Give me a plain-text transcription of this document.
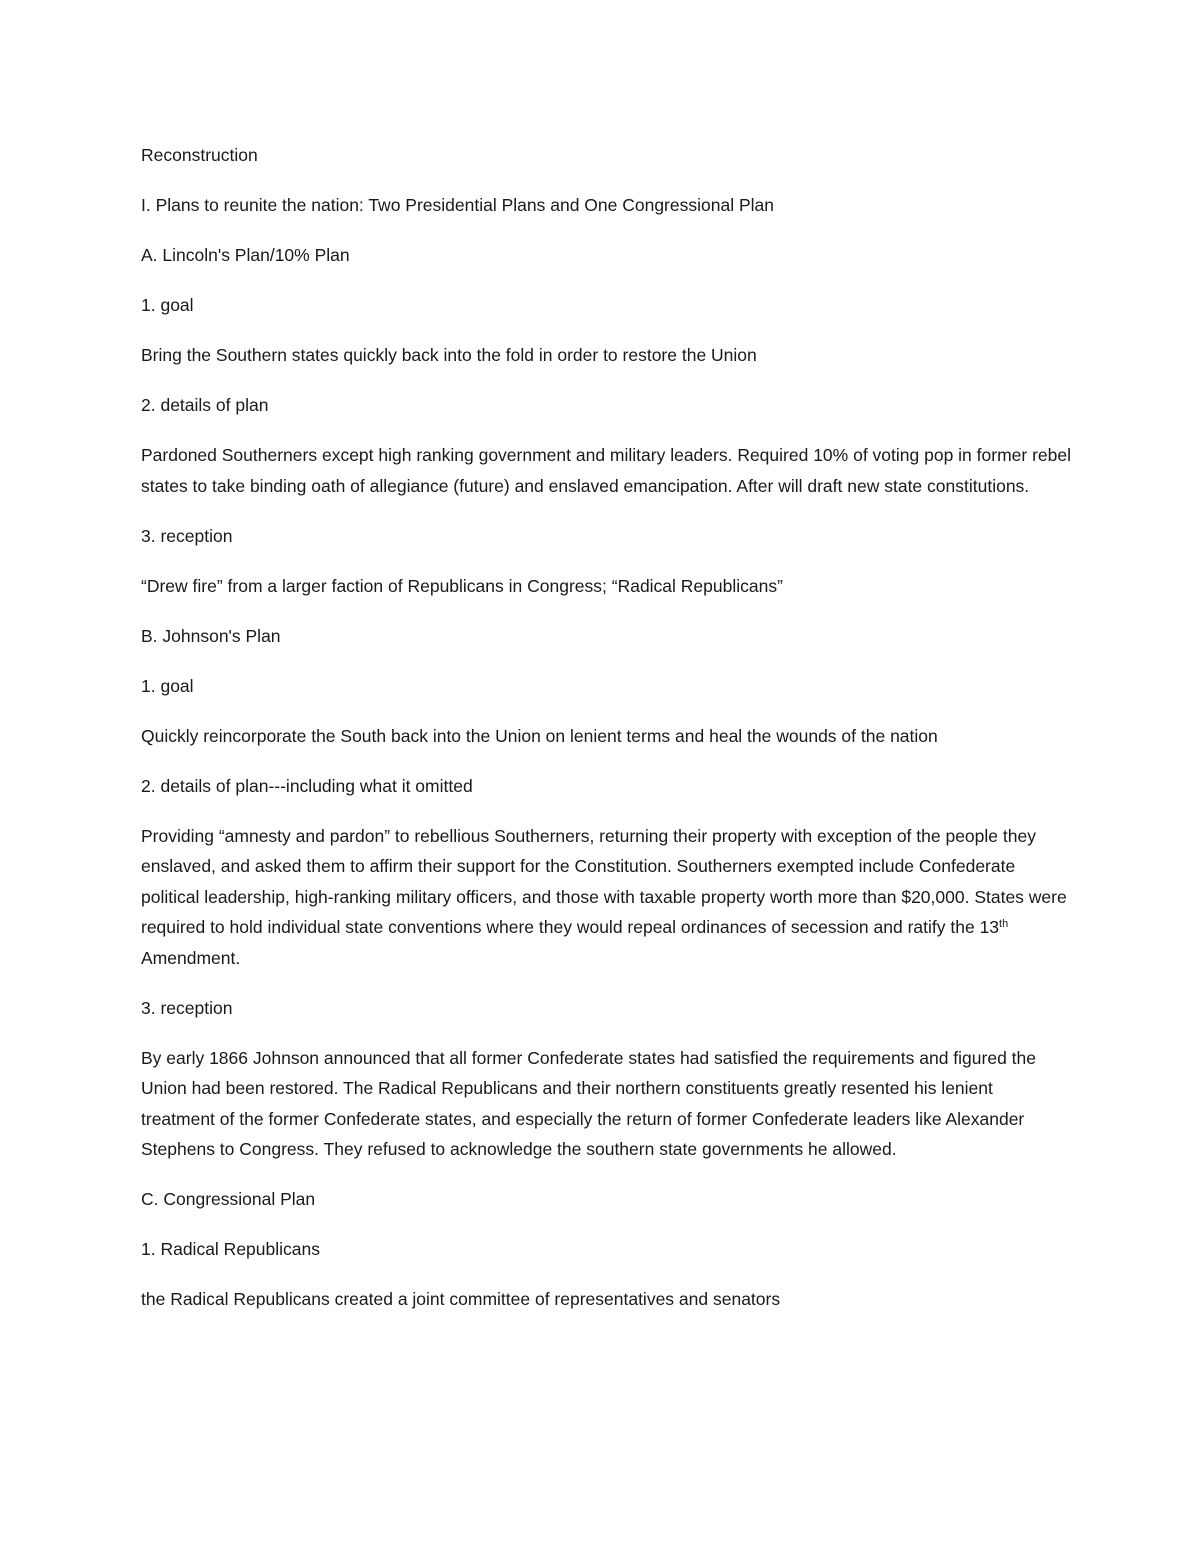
Reconstruction

I. Plans to reunite the nation: Two Presidential Plans and One Congressional Plan

A. Lincoln's Plan/10% Plan

1. goal

Bring the Southern states quickly back into the fold in order to restore the Union

2. details of plan

Pardoned Southerners except high ranking government and military leaders. Required 10% of voting pop in former rebel states to take binding oath of allegiance (future) and enslaved emancipation. After will draft new state constitutions.

3. reception

“Drew fire” from a larger faction of Republicans in Congress; “Radical Republicans”

B. Johnson's Plan

1. goal

Quickly reincorporate the South back into the Union on lenient terms and heal the wounds of the nation

2. details of plan---including what it omitted

Providing “amnesty and pardon” to rebellious Southerners, returning their property with exception of the people they enslaved, and asked them to affirm their support for the Constitution. Southerners exempted include Confederate political leadership, high-ranking military officers, and those with taxable property worth more than $20,000. States were required to hold individual state conventions where they would repeal ordinances of secession and ratify the 13th Amendment.

3. reception

By early 1866 Johnson announced that all former Confederate states had satisfied the requirements and figured the Union had been restored. The Radical Republicans and their northern constituents greatly resented his lenient treatment of the former Confederate states, and especially the return of former Confederate leaders like Alexander Stephens to Congress. They refused to acknowledge the southern state governments he allowed.

C. Congressional Plan

1. Radical Republicans

the Radical Republicans created a joint committee of representatives and senators
